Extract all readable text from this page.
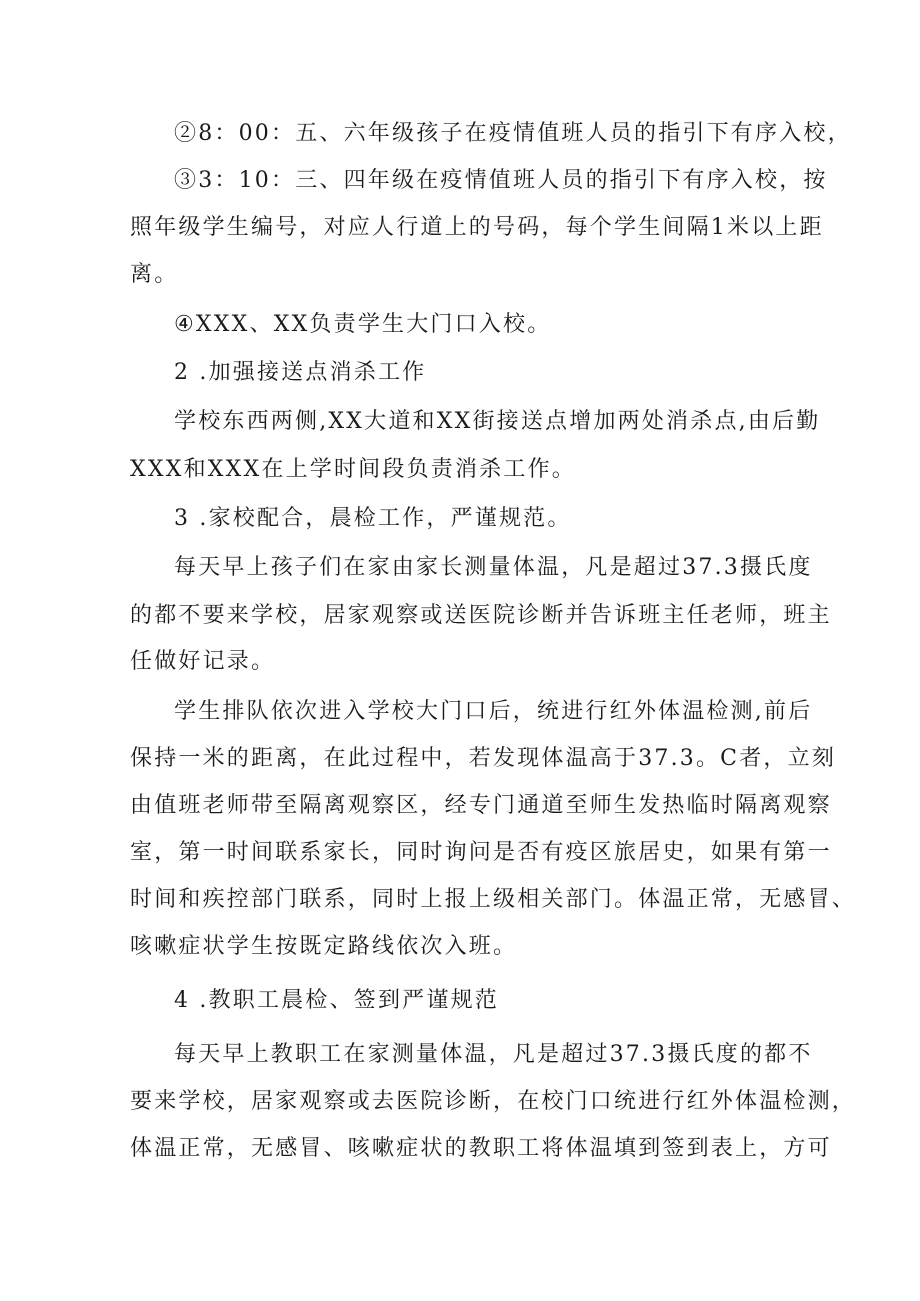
②8：00：五、六年级孩子在疫情值班人员的指引下有序入校，
③3：10：三、四年级在疫情值班人员的指引下有序入校，按
照年级学生编号，对应人行道上的号码，每个学生间隔1米以上距
离。
④XXX、XX负责学生大门口入校。
2 .加强接送点消杀工作
学校东西两侧,XX大道和XX街接送点增加两处消杀点,由后勤
XXX和XXX在上学时间段负责消杀工作。
3 .家校配合，晨检工作，严谨规范。
每天早上孩子们在家由家长测量体温，凡是超过37.3摄氏度
的都不要来学校，居家观察或送医院诊断并告诉班主任老师，班主
任做好记录。
学生排队依次进入学校大门口后，统进行红外体温检测,前后
保持一米的距离，在此过程中，若发现体温高于37.3。C者，立刻
由值班老师带至隔离观察区，经专门通道至师生发热临时隔离观察
室，第一时间联系家长，同时询问是否有疫区旅居史，如果有第一
时间和疾控部门联系，同时上报上级相关部门。体温正常，无感冒、
咳嗽症状学生按既定路线依次入班。
4 .教职工晨检、签到严谨规范
每天早上教职工在家测量体温，凡是超过37.3摄氏度的都不
要来学校，居家观察或去医院诊断，在校门口统进行红外体温检测，
体温正常，无感冒、咳嗽症状的教职工将体温填到签到表上，方可
